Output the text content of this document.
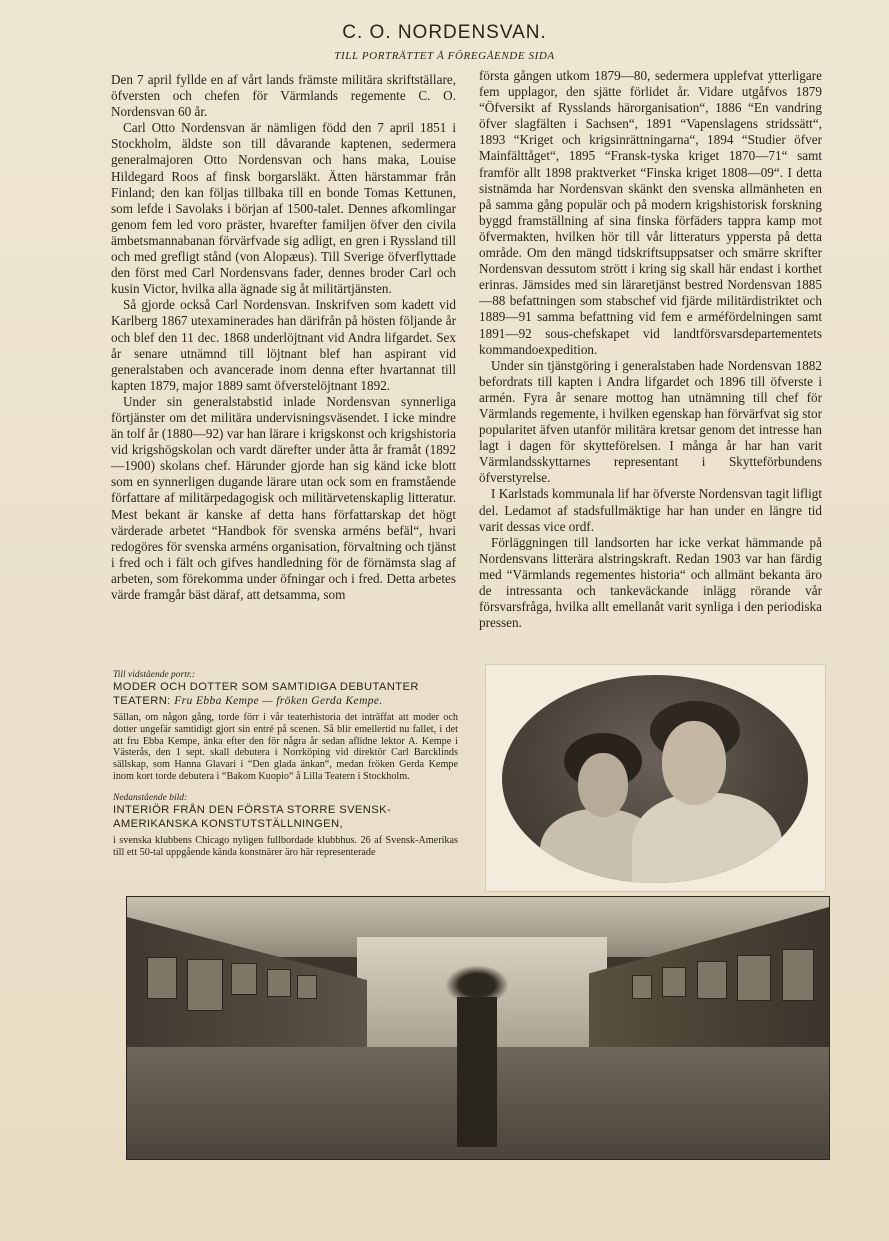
C. O. NORDENSVAN.
TILL PORTRÄTTET Å FÖREGÅENDE SIDA

Den 7 april fyllde en af vårt lands främste militära skriftställare, öfversten och chefen för Värmlands regemente C. O. Nordensvan 60 år.

Carl Otto Nordensvan är nämligen född den 7 april 1851 i Stockholm, äldste son till dåvarande kaptenen, sedermera generalmajoren Otto Nordensvan och hans maka, Louise Hildegard Roos af finsk borgarsläkt. Ätten härstammar från Finland; den kan följas tillbaka till en bonde Tomas Kettunen, som lefde i Savolaks i början af 1500-talet. Dennes afkomlingar genom fem led voro präster, hvarefter familjen öfver den civila ämbetsmannabanan förvärfvade sig adligt, en gren i Ryssland till och med grefligt stånd (von Alopæus). Till Sverige öfverflyttade den först med Carl Nordensvans fader, dennes broder Carl och kusin Victor, hvilka alla ägnade sig åt militärtjänsten.

Så gjorde också Carl Nordensvan. Inskrifven som kadett vid Karlberg 1867 utexaminerades han därifrån på hösten följande år och blef den 11 dec. 1868 underlöjtnant vid Andra lifgardet. Sex år senare utnämnd till löjtnant blef han aspirant vid generalstaben och avancerade inom denna efter hvartannat till kapten 1879, major 1889 samt öfverstelöjtnant 1892.

Under sin generalstabstid inlade Nordensvan synnerliga förtjänster om det militära undervisningsväsendet. I icke mindre än tolf år (1880—92) var han lärare i krigskonst och krigshistoria vid krigshögskolan och vardt därefter under åtta år framåt (1892—1900) skolans chef. Härunder gjorde han sig känd icke blott som en synnerligen dugande lärare utan ock som en framstående författare af militärpedagogisk och militärvetenskaplig litteratur. Mest bekant är kanske af detta hans författarskap det högt värderade arbetet “Handbok för svenska arméns befäl“, hvari redogöres för svenska arméns organisation, förvaltning och tjänst i fred och i fält och gifves handledning för de förnämsta slag af arbeten, som förekomma under öfningar och i fred. Detta arbetes värde framgår bäst däraf, att detsamma, som

första gången utkom 1879—80, sedermera upplefvat ytterligare fem upplagor, den sjätte förlidet år. Vidare utgåfvos 1879 “Öfversikt af Rysslands härorganisation“, 1886 “En vandring öfver slagfälten i Sachsen“, 1891 “Vapenslagens stridssätt“, 1893 “Kriget och krigsinrättningarna“, 1894 “Studier öfver Mainfälttåget“, 1895 “Fransk-tyska kriget 1870—71“ samt framför allt 1898 praktverket “Finska kriget 1808—09“. I detta sistnämda har Nordensvan skänkt den svenska allmänheten en på samma gång populär och på modern krigshistorisk forskning byggd framställning af sina finska förfäders tappra kamp mot öfvermakten, hvilken hör till vår litteraturs yppersta på detta område. Om den mängd tidskriftsuppsatser och smärre skrifter Nordensvan dessutom strött i kring sig skall här endast i korthet erinras. Jämsides med sin läraretjänst bestred Nordensvan 1885—88 befattningen som stabschef vid fjärde militärdistriktet och 1889—91 samma befattning vid fem e arméfördelningen samt 1891—92 sous-chefskapet vid landtförsvarsdepartementets kommandoexpedition.

Under sin tjänstgöring i generalstaben hade Nordensvan 1882 befordrats till kapten i Andra lifgardet och 1896 till öfverste i armén. Fyra år senare mottog han utnämning till chef för Värmlands regemente, i hvilken egenskap han förvärfvat sig stor popularitet äfven utanför militära kretsar genom det intresse han lagt i dagen för skytteförelsen. I många år har han varit Värmlandsskyttarnes representant i Skytteförbundens öfverstyrelse.

I Karlstads kommunala lif har öfverste Nordensvan tagit lifligt del. Ledamot af stadsfullmäktige har han under en längre tid varit dessas vice ordf.

Förläggningen till landsorten har icke verkat hämmande på Nordensvans litterära alstringskraft. Redan 1903 var han färdig med “Värmlands regementes historia“ och allmänt bekanta äro de intressanta och tankeväckande inlägg rörande vår försvarsfråga, hvilka allt emellanåt varit synliga i den periodiska pressen.

Till vidstående portr.:

MODER OCH DOTTER SOM SAMTIDIGA DEBUTANTER TEATERN: Fru Ebba Kempe — fröken Gerda Kempe.

Sällan, om någon gång, torde förr i vår teaterhistoria det inträffat att moder och dotter ungefär samtidigt gjort sin entré på scenen. Så blir emellertid nu fallet, i det att fru Ebba Kempe, änka efter den för några år sedan aflidne lektor A. Kempe i Västerås, den 1 sept. skall debutera i Norrköping vid direktör Carl Barcklinds sällskap, som Hanna Glavari i “Den glada änkan“, medan fröken Gerda Kempe inom kort torde debutera i “Bakom Kuopio“ å Lilla Teatern i Stockholm.

Nedanstående bild:

INTERIÖR FRÅN DEN FÖRSTA STORRE SVENSK-AMERIKANSKA KONSTUTSTÄLLNINGEN,

i svenska klubbens Chicago nyligen fullbordade klubbhus. 26 af Svensk-Amerikas till ett 50-tal uppgående kända konstnärer äro här representerade
